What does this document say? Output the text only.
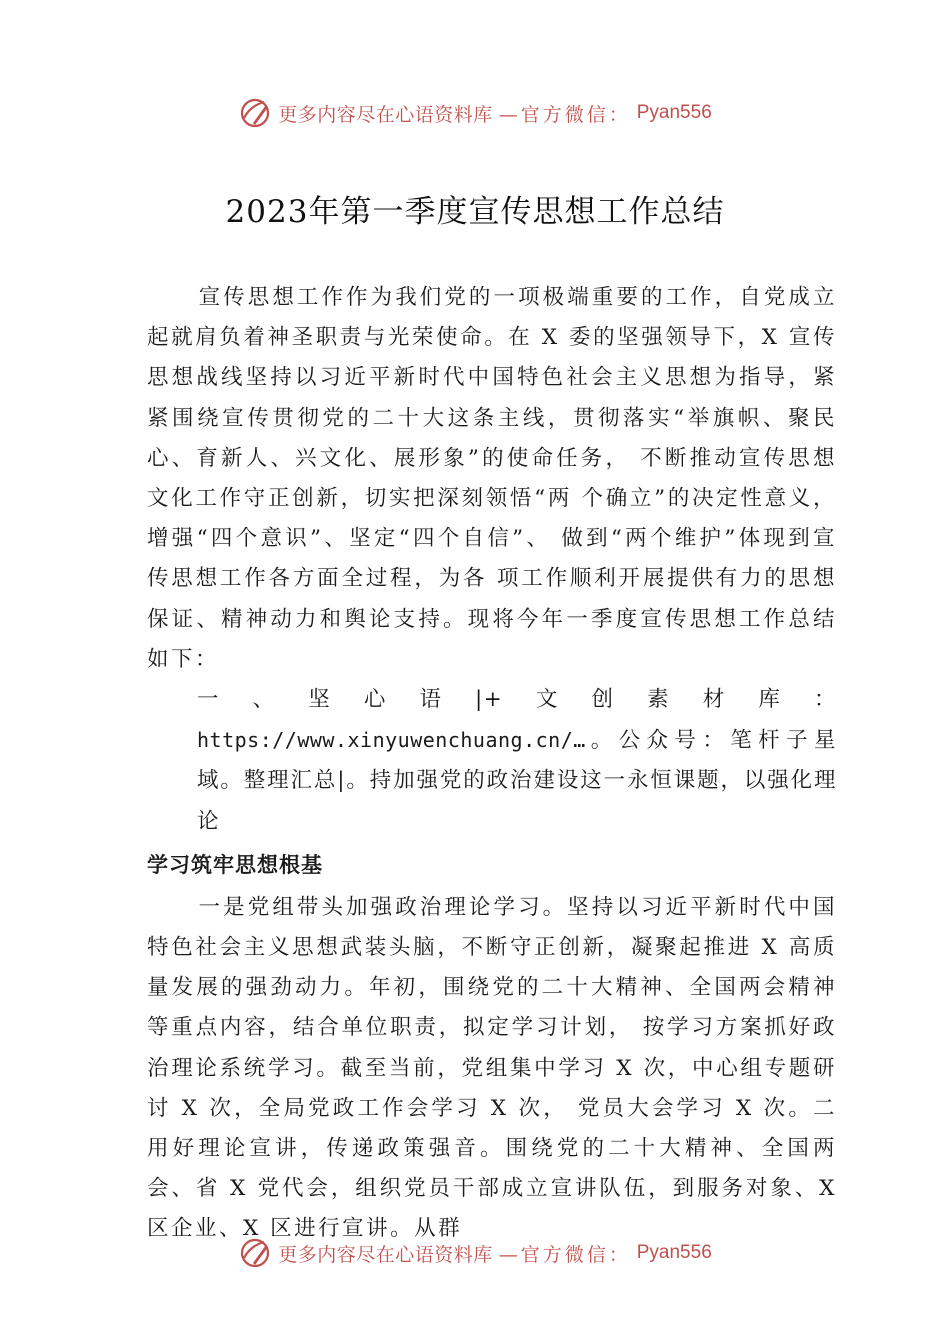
更多内容尽在心语资料库 —官方微信： Pyan556
2023年第一季度宣传思想工作总结

宣传思想工作作为我们党的一项极端重要的工作，自党成立起就肩负着神圣职责与光荣使命。在 X 委的坚强领导下，X 宣传思想战线坚持以习近平新时代中国特色社会主义思想为指导，紧紧围绕宣传贯彻党的二十大这条主线，贯彻落实“举旗帜、聚民心、育新人、兴文化、展形象”的使命任务， 不断推动宣传思想文化工作守正创新，切实把深刻领悟“两 个确立”的决定性意义，增强“四个意识”、坚定“四个自信”、 做到“两个维护”体现到宣传思想工作各方面全过程，为各 项工作顺利开展提供有力的思想保证、精神动力和舆论支持。现将今年一季度宣传思想工作总结如下：

一、坚心语|+文创素材库：https://www.xinyuwenchuang.cn/…。公众号：笔杆子星域。整理汇总|。持加强党的政治建设这一永恒课题，以强化理论

学习筑牢思想根基

一是党组带头加强政治理论学习。坚持以习近平新时代中国特色社会主义思想武装头脑，不断守正创新，凝聚起推进 X 高质量发展的强劲动力。年初，围绕党的二十大精神、全国两会精神等重点内容，结合单位职责，拟定学习计划， 按学习方案抓好政治理论系统学习。截至当前，党组集中学习 X 次，中心组专题研讨 X 次，全局党政工作会学习 X 次， 党员大会学习 X 次。二用好理论宣讲，传递政策强音。围绕党的二十大精神、全国两会、省 X 党代会，组织党员干部成立宣讲队伍，到服务对象、X 区企业、X 区进行宣讲。从群

更多内容尽在心语资料库 —官方微信： Pyan556
